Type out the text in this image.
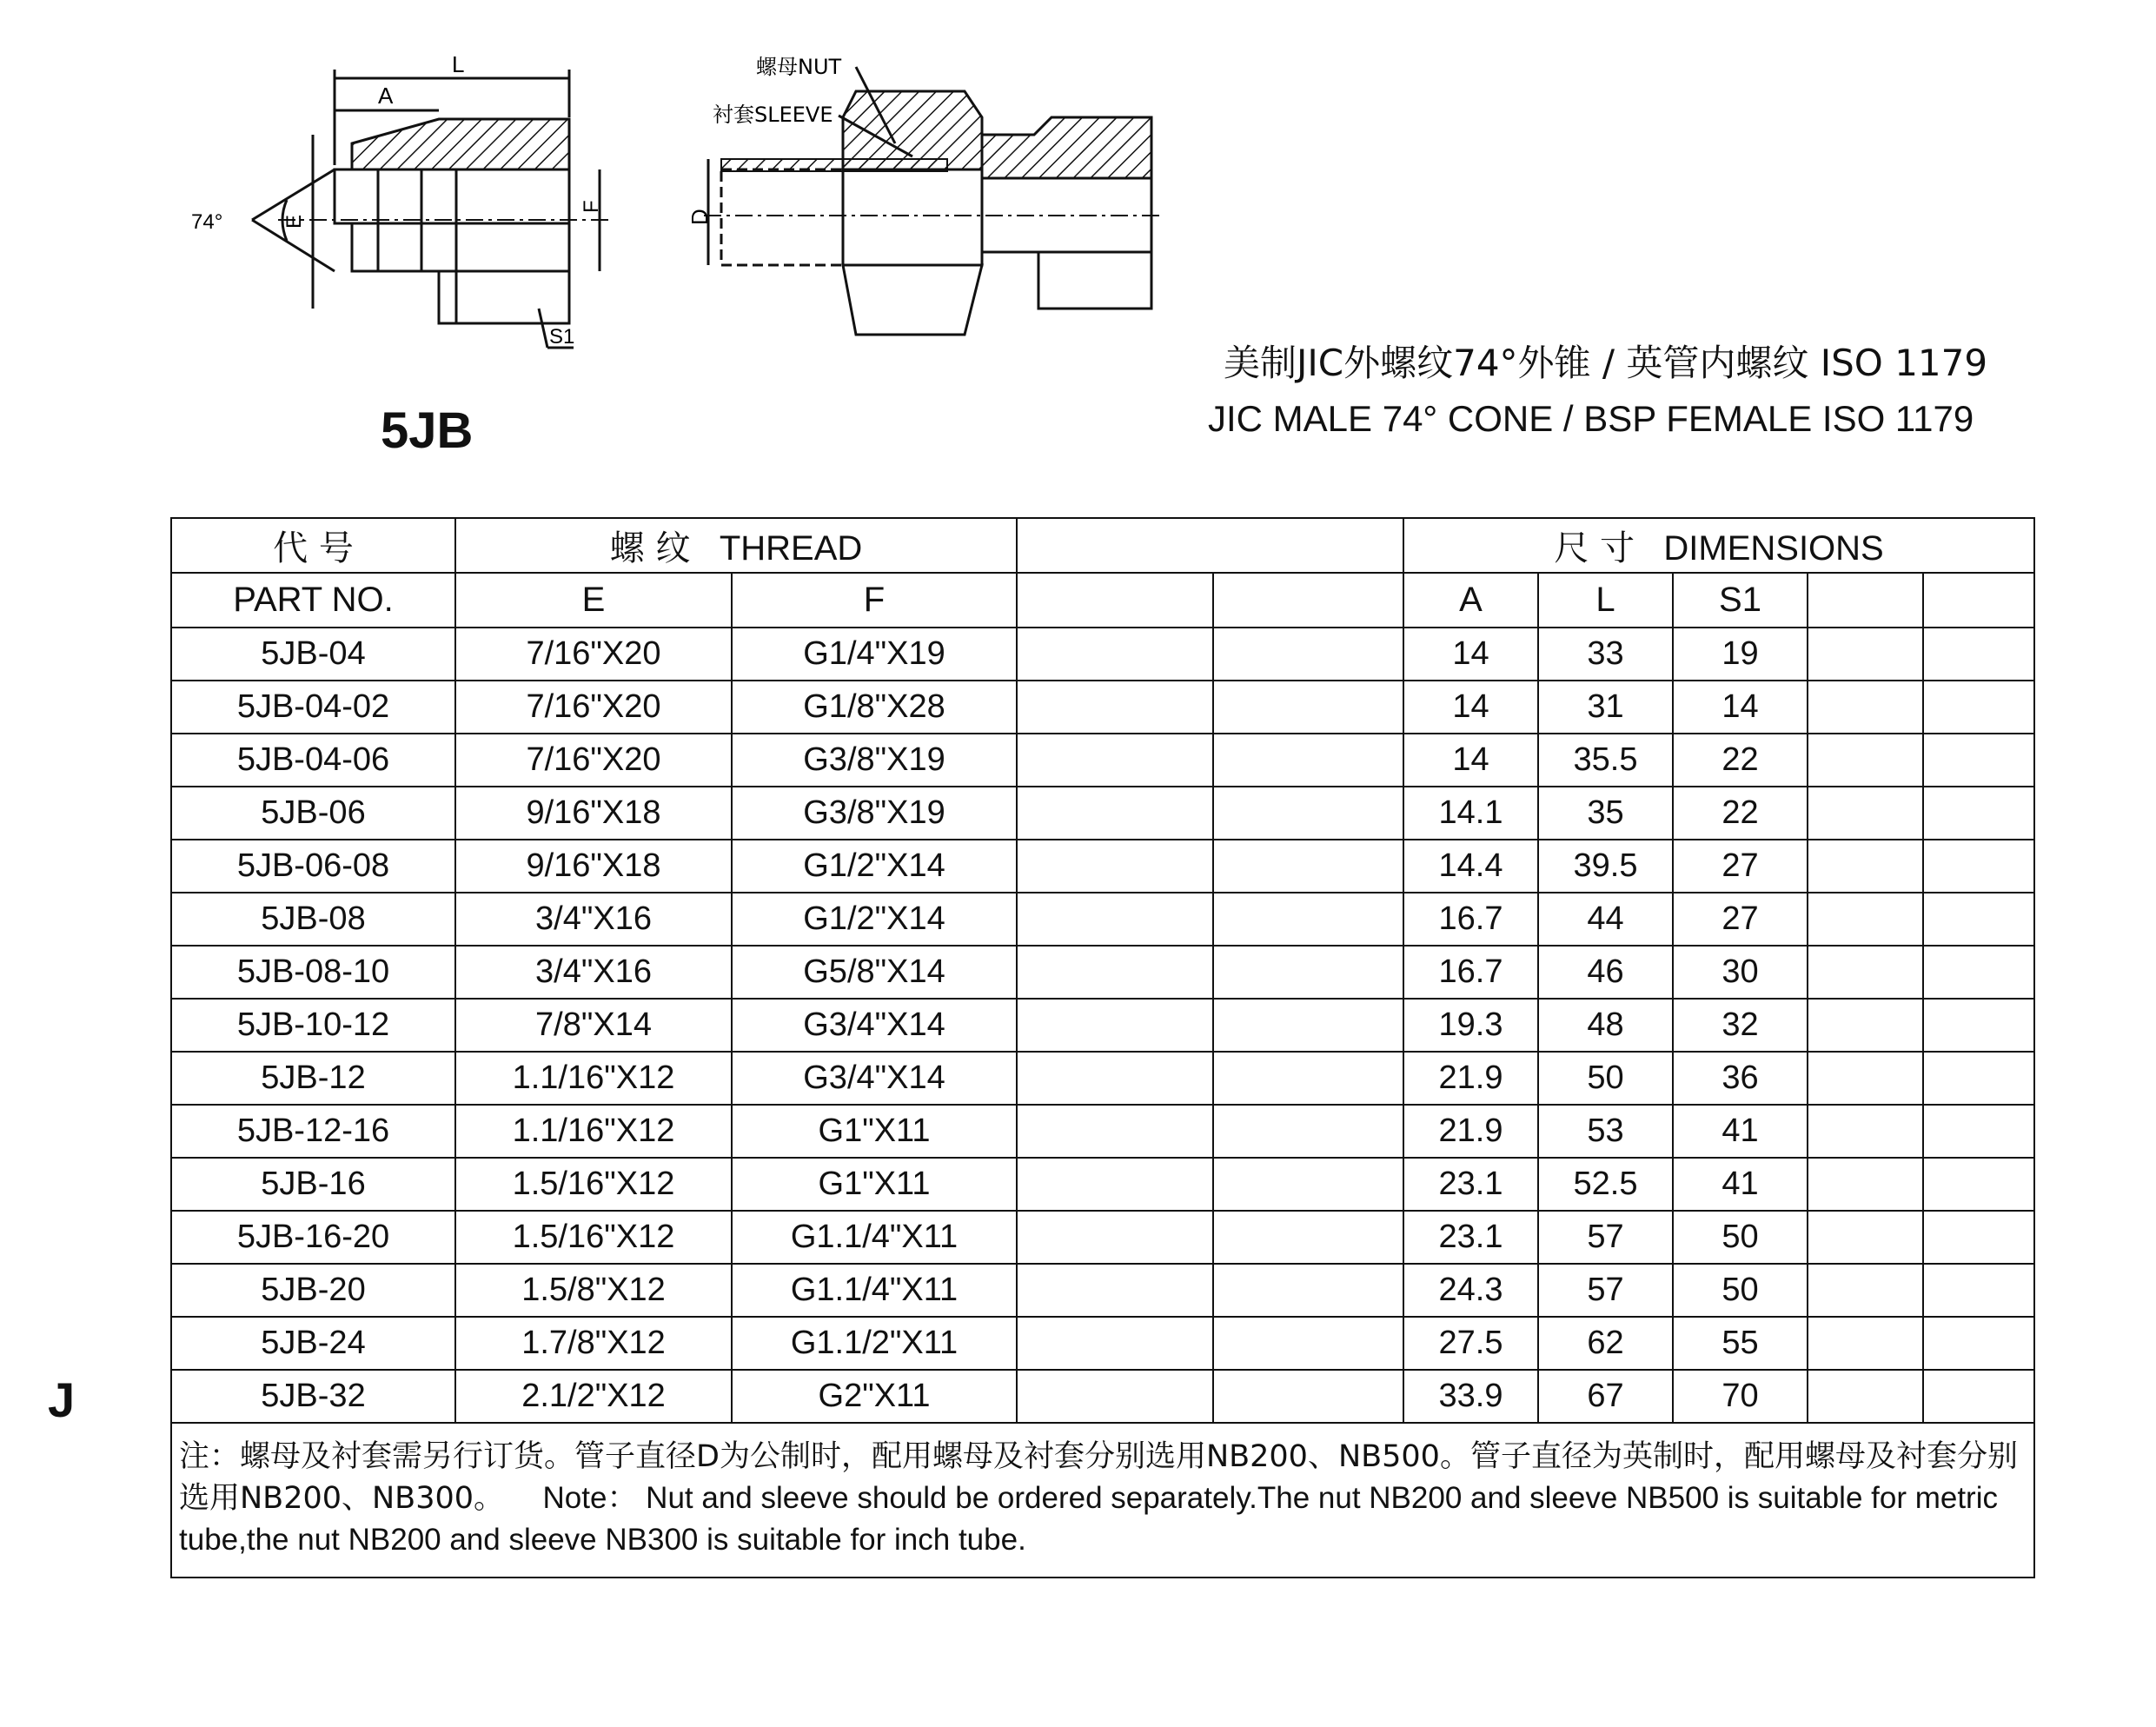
L
A
74°	E
F
S1
螺母NUT
衬套SLEEVE
D
5JB
美制JIC外螺纹74°外锥 / 英管内螺纹 ISO 1179
JIC MALE 74° CONE / BSP FEMALE ISO 1179
J
代 号	螺 纹 THREAD				尺 寸 DIMENSIONS				
PART NO.	E	F			A	L	S1		
5JB-04	7/16"X20	G1/4"X19			14	33	19		
5JB-04-02	7/16"X20	G1/8"X28			14	31	14		
5JB-04-06	7/16"X20	G3/8"X19			14	35.5	22		
5JB-06	9/16"X18	G3/8"X19			14.1	35	22		
5JB-06-08	9/16"X18	G1/2"X14			14.4	39.5	27		
5JB-08	3/4"X16	G1/2"X14			16.7	44	27		
5JB-08-10	3/4"X16	G5/8"X14			16.7	46	30		
5JB-10-12	7/8"X14	G3/4"X14			19.3	48	32		
5JB-12	1.1/16"X12	G3/4"X14			21.9	50	36		
5JB-12-16	1.1/16"X12	G1"X11			21.9	53	41		
5JB-16	1.5/16"X12	G1"X11			23.1	52.5	41		
5JB-16-20	1.5/16"X12	G1.1/4"X11			23.1	57	50		
5JB-20	1.5/8"X12	G1.1/4"X11			24.3	57	50		
5JB-24	1.7/8"X12	G1.1/2"X11			27.5	62	55		
5JB-32	2.1/2"X12	G2"X11			33.9	67	70		
注：螺母及衬套需另行订货。管子直径D为公制时，配用螺母及衬套分别选用NB200、NB500。管子直径为英制时，配用螺母及衬套分别选用NB200、NB300。 Note： Nut and sleeve should be ordered separately.The nut NB200 and sleeve NB500 is suitable for metric tube,the nut NB200 and sleeve NB300 is suitable for inch tube.									
